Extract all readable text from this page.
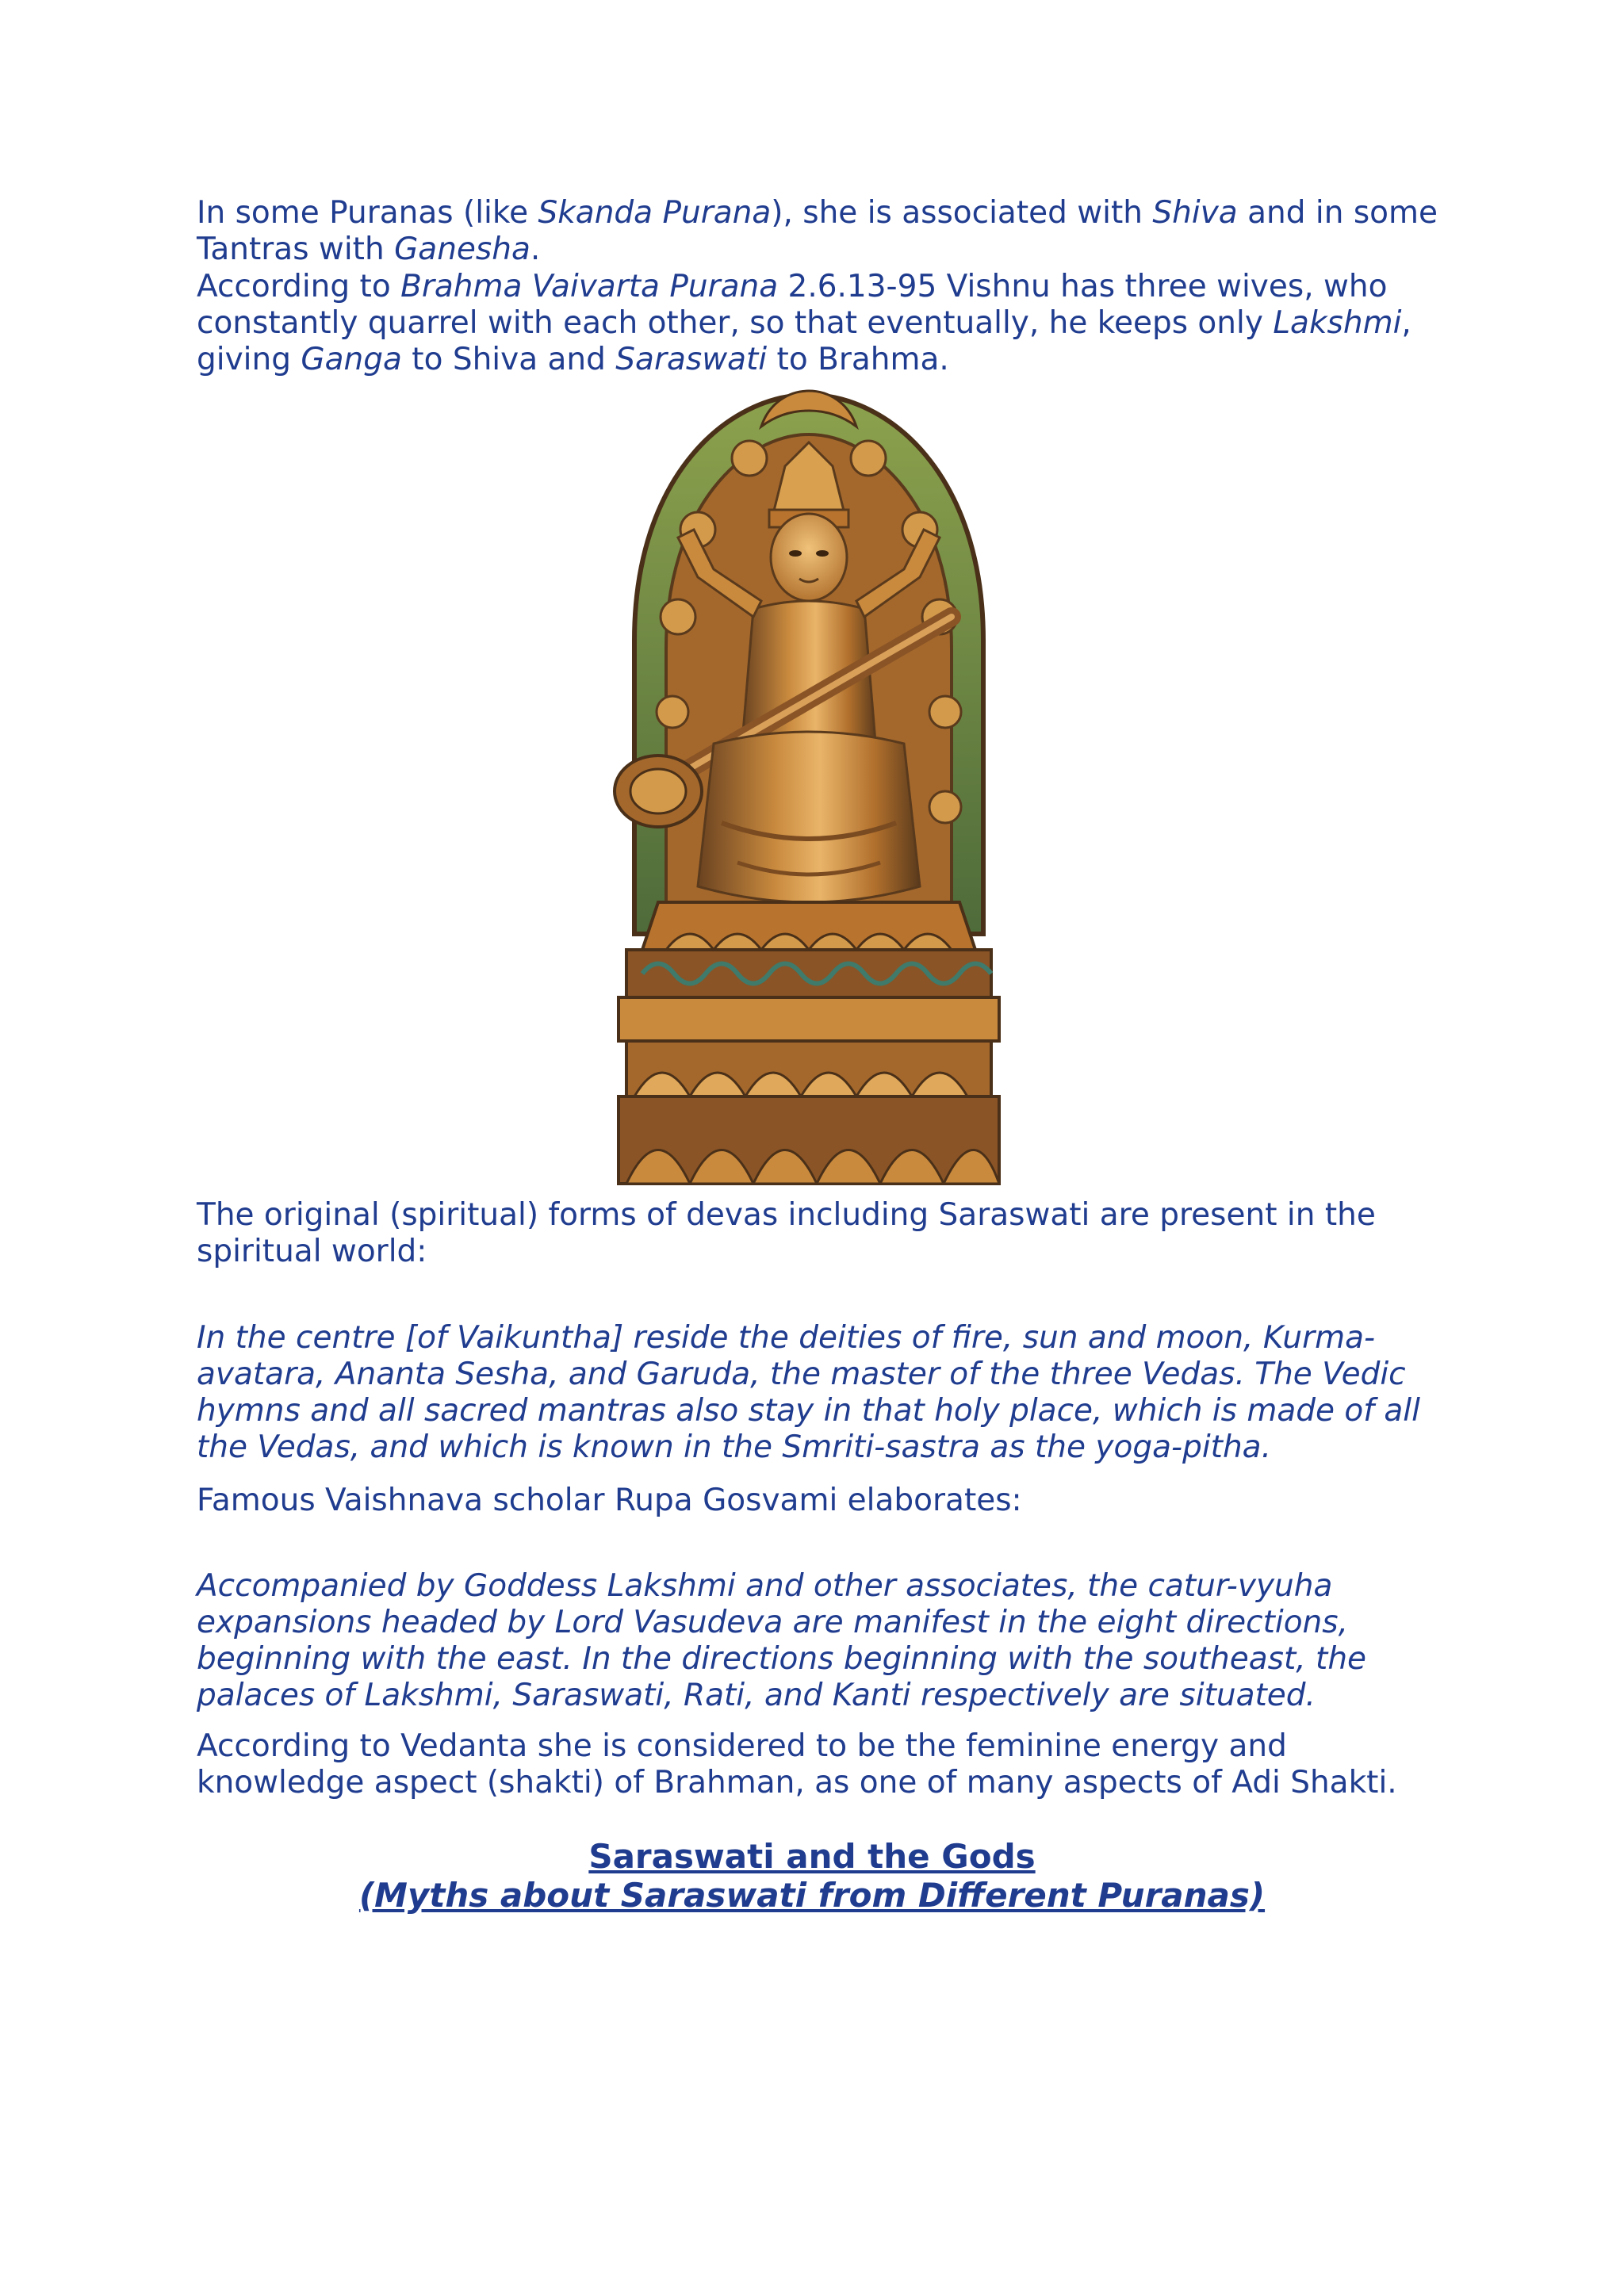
In some Puranas (like Skanda Purana), she is associated with Shiva and in some
Tantras with Ganesha.

According to Brahma Vaivarta Purana 2.6.13-95 Vishnu has three wives, who
constantly quarrel with each other, so that eventually, he keeps only Lakshmi,
giving Ganga to Shiva and Saraswati to Brahma.

The original (spiritual) forms of devas including Saraswati are present in the
spiritual world:

In the centre [of Vaikuntha] reside the deities of fire, sun and moon, Kurma-
avatara, Ananta Sesha, and Garuda, the master of the three Vedas. The Vedic
hymns and all sacred mantras also stay in that holy place, which is made of all
the Vedas, and which is known in the Smriti-sastra as the yoga-pitha.

Famous Vaishnava scholar Rupa Gosvami elaborates:

Accompanied by Goddess Lakshmi and other associates, the catur-vyuha
expansions headed by Lord Vasudeva are manifest in the eight directions,
beginning with the east. In the directions beginning with the southeast, the
palaces of Lakshmi, Saraswati, Rati, and Kanti respectively are situated.

According to Vedanta she is considered to be the feminine energy and
knowledge aspect (shakti) of Brahman, as one of many aspects of Adi Shakti.

Saraswati and the Gods
(Myths about Saraswati from Different Puranas)
